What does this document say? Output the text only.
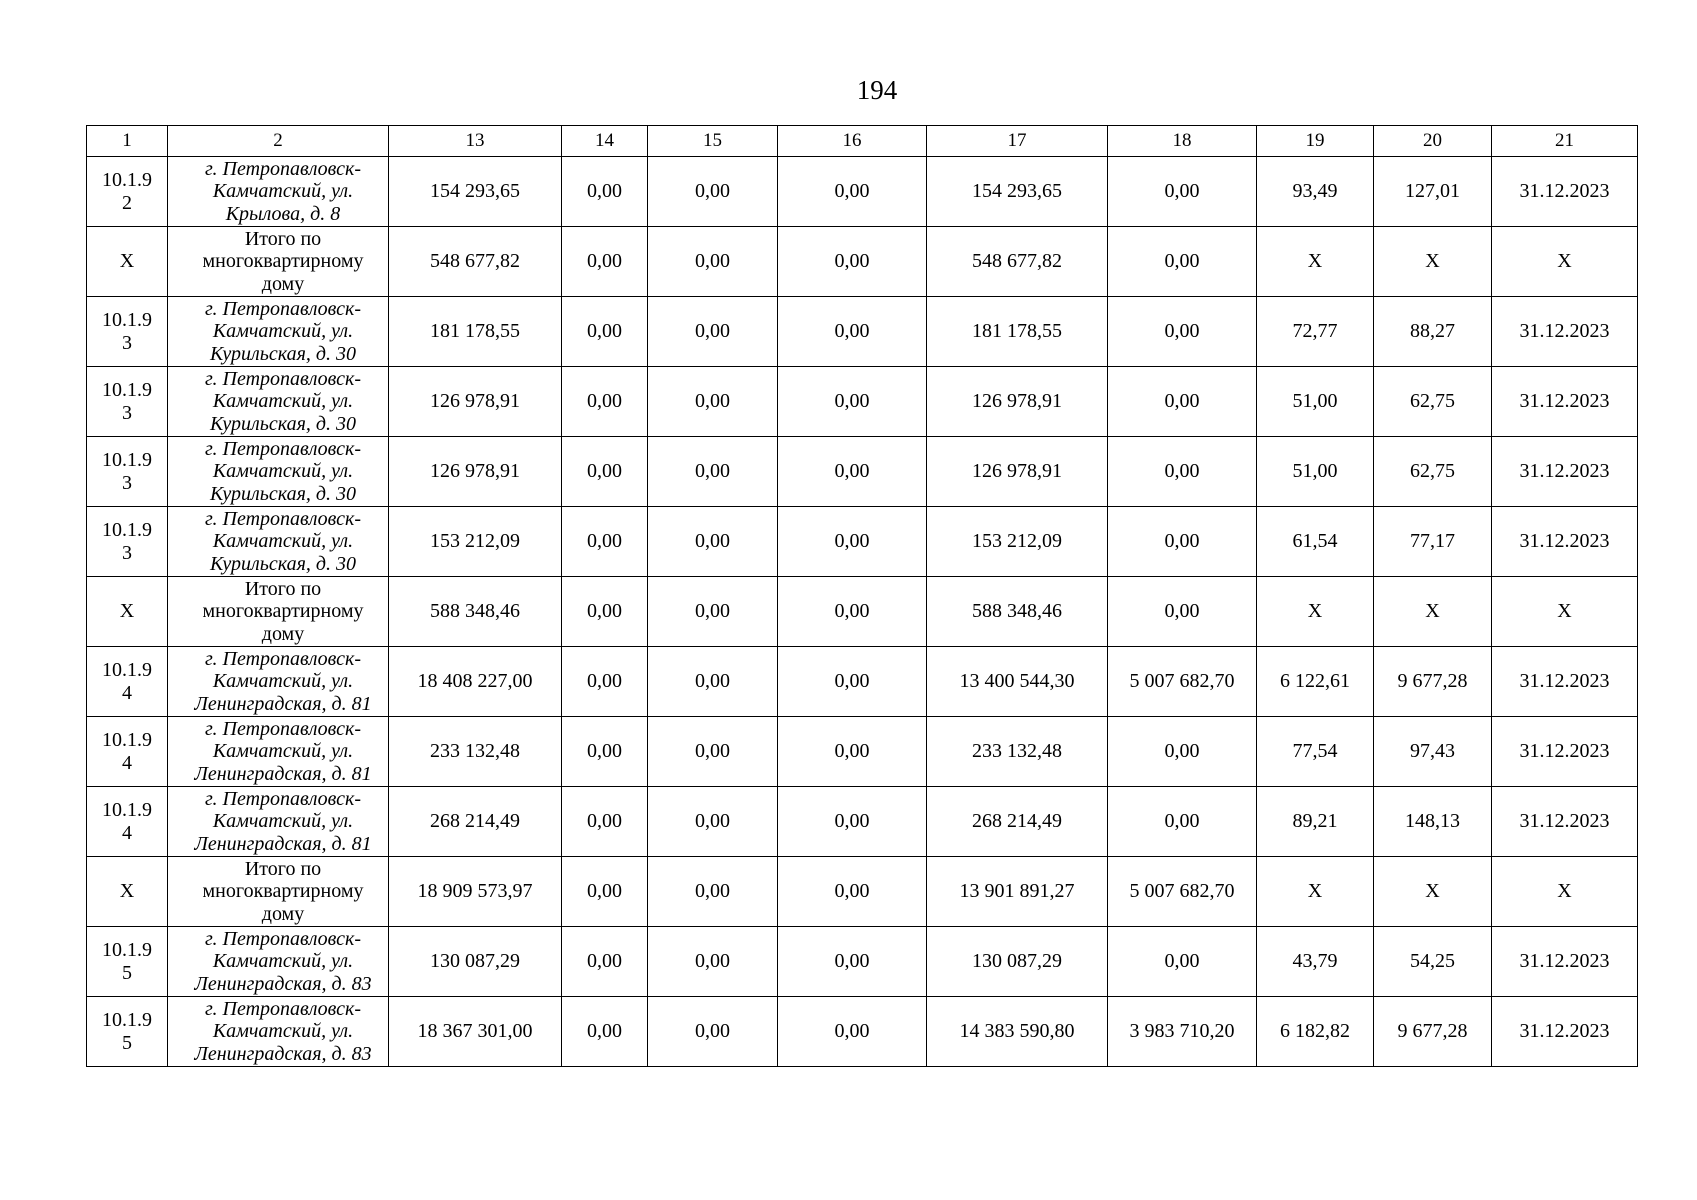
194
1	2	13	14	15	16	17	18	19	20	21

10.1.9
2	г. Петропавловск-
Камчатский, ул.
Крылова, д. 8	154 293,65	0,00	0,00	0,00	154 293,65	0,00	93,49	127,01	31.12.2023

X	Итого по
многоквартирному
дому	548 677,82	0,00	0,00	0,00	548 677,82	0,00	X	X	X

10.1.9
3	г. Петропавловск-
Камчатский, ул.
Курильская, д. 30	181 178,55	0,00	0,00	0,00	181 178,55	0,00	72,77	88,27	31.12.2023

10.1.9
3	г. Петропавловск-
Камчатский, ул.
Курильская, д. 30	126 978,91	0,00	0,00	0,00	126 978,91	0,00	51,00	62,75	31.12.2023

10.1.9
3	г. Петропавловск-
Камчатский, ул.
Курильская, д. 30	126 978,91	0,00	0,00	0,00	126 978,91	0,00	51,00	62,75	31.12.2023

10.1.9
3	г. Петропавловск-
Камчатский, ул.
Курильская, д. 30	153 212,09	0,00	0,00	0,00	153 212,09	0,00	61,54	77,17	31.12.2023

X	Итого по
многоквартирному
дому	588 348,46	0,00	0,00	0,00	588 348,46	0,00	X	X	X

10.1.9
4	г. Петропавловск-
Камчатский, ул.
Ленинградская, д. 81	18 408 227,00	0,00	0,00	0,00	13 400 544,30	5 007 682,70	6 122,61	9 677,28	31.12.2023

10.1.9
4	г. Петропавловск-
Камчатский, ул.
Ленинградская, д. 81	233 132,48	0,00	0,00	0,00	233 132,48	0,00	77,54	97,43	31.12.2023

10.1.9
4	г. Петропавловск-
Камчатский, ул.
Ленинградская, д. 81	268 214,49	0,00	0,00	0,00	268 214,49	0,00	89,21	148,13	31.12.2023

X	Итого по
многоквартирному
дому	18 909 573,97	0,00	0,00	0,00	13 901 891,27	5 007 682,70	X	X	X

10.1.9
5	г. Петропавловск-
Камчатский, ул.
Ленинградская, д. 83	130 087,29	0,00	0,00	0,00	130 087,29	0,00	43,79	54,25	31.12.2023

10.1.9
5	г. Петропавловск-
Камчатский, ул.
Ленинградская, д. 83	18 367 301,00	0,00	0,00	0,00	14 383 590,80	3 983 710,20	6 182,82	9 677,28	31.12.2023
